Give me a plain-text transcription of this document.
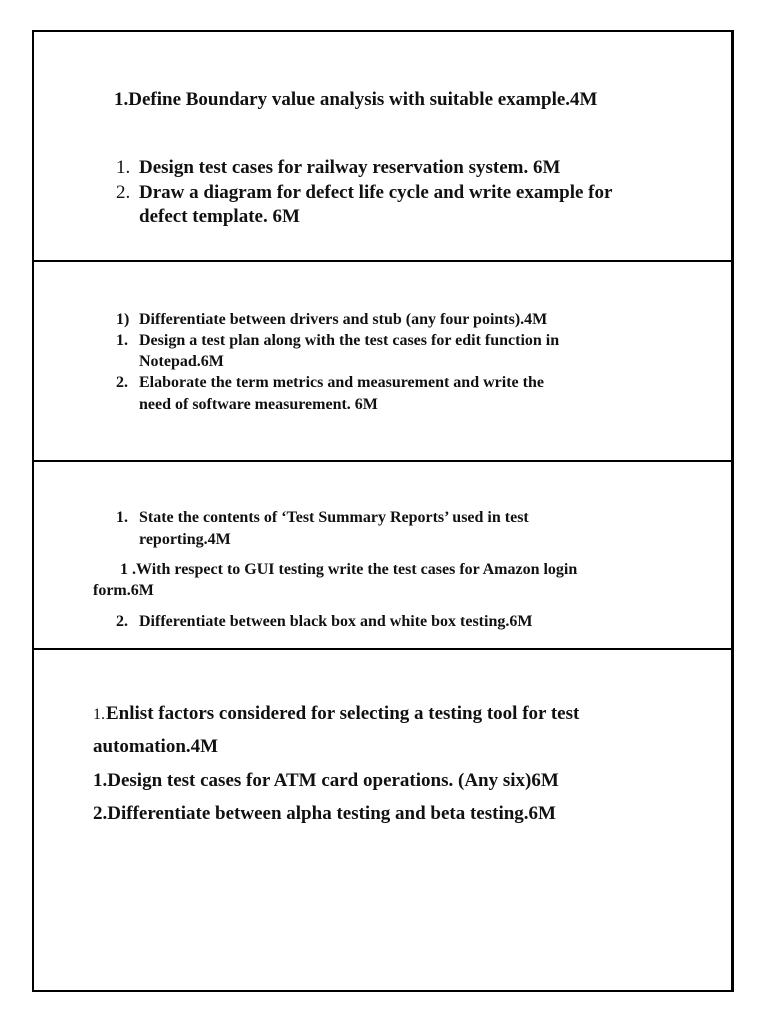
1.Define Boundary value analysis with suitable example.4M
1. Design test cases for railway reservation system. 6M
2. Draw a diagram for defect life cycle and write example for
defect template. 6M
1) Differentiate between drivers and stub (any four points).4M
1. Design a test plan along with the test cases for edit function in
Notepad.6M
2. Elaborate the term metrics and measurement and write the
need of software measurement. 6M
1. State the contents of ‘Test Summary Reports’ used in test
reporting.4M
1 .With respect to GUI testing write the test cases for Amazon login
form.6M
2. Differentiate between black box and white box testing.6M
1. Enlist factors considered for selecting a testing tool for test
automation.4M
1.Design test cases for ATM card operations. (Any six)6M
2.Differentiate between alpha testing and beta testing.6M
